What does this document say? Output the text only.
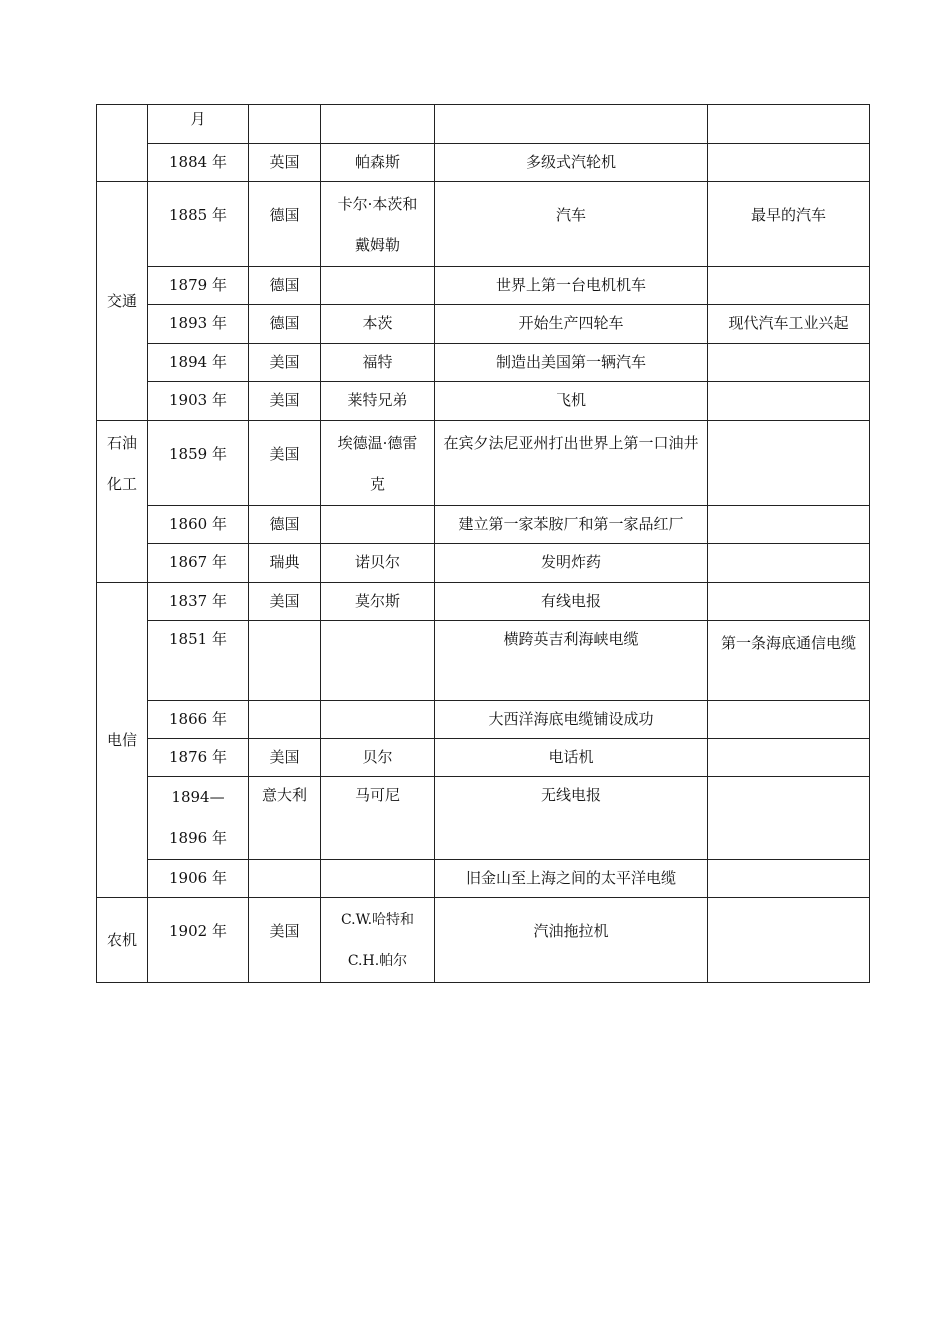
	月				
	1884 年	英国	帕森斯	多级式汽轮机	
交通	1885 年	德国	卡尔·本茨和戴姆勒	汽车	最早的汽车
	1879 年	德国		世界上第一台电机机车	
	1893 年	德国	本茨	开始生产四轮车	现代汽车工业兴起
	1894 年	美国	福特	制造出美国第一辆汽车	
	1903 年	美国	莱特兄弟	飞机	
石油化工	1859 年	美国	埃德温·德雷克	在宾夕法尼亚州打出世界上第一口油井	
	1860 年	德国		建立第一家苯胺厂和第一家品红厂	
	1867 年	瑞典	诺贝尔	发明炸药	
电信	1837 年	美国	莫尔斯	有线电报	
	1851 年			横跨英吉利海峡电缆	第一条海底通信电缆
	1866 年			大西洋海底电缆铺设成功	
	1876 年	美国	贝尔	电话机	
	1894—1896 年	意大利	马可尼	无线电报	
	1906 年			旧金山至上海之间的太平洋电缆	
农机	1902 年	美国	C.W.哈特和C.H.帕尔	汽油拖拉机	
